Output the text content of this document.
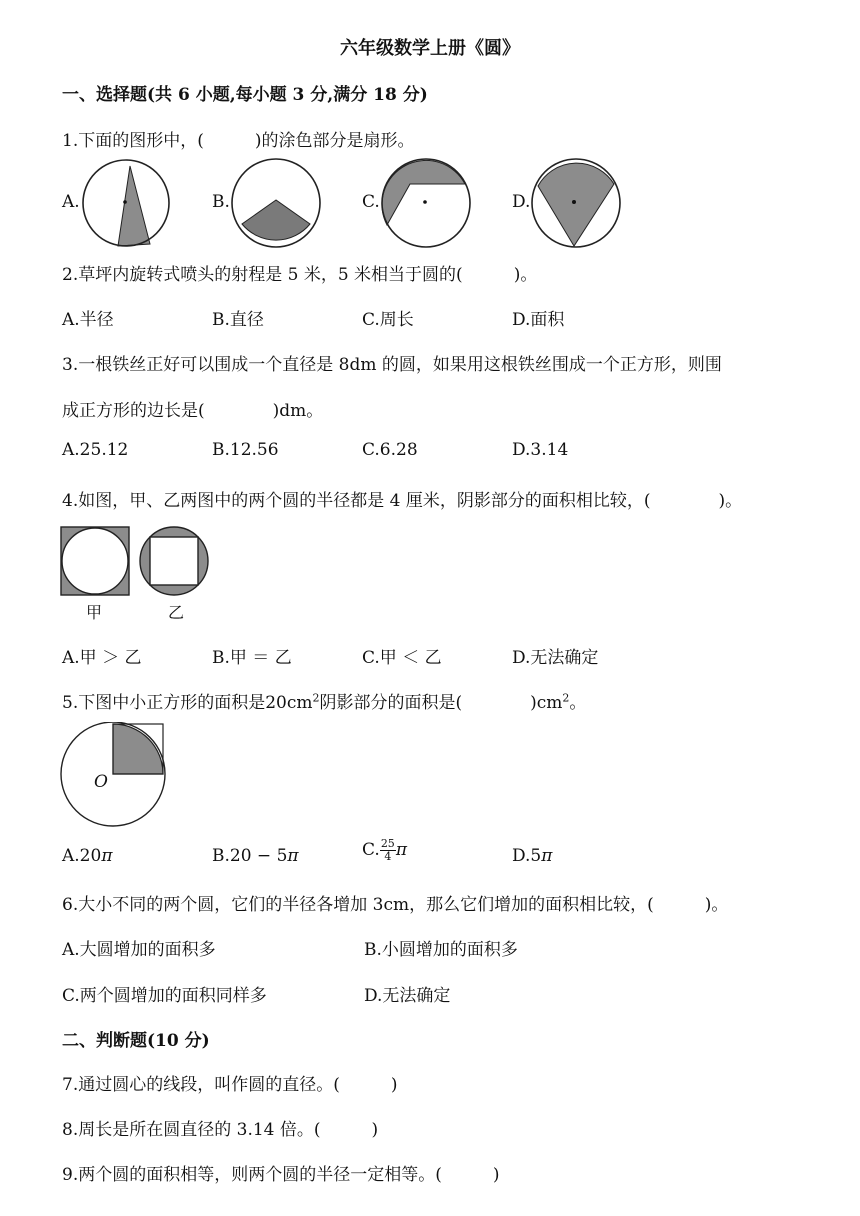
六年级数学上册《圆》
一、选择题(共 6 小题,每小题 3 分,满分 18 分)
1.下面的图形中，(　　　)的涂色部分是扇形。
A.	B.	C.	D.
2.草坪内旋转式喷头的射程是 5 米，5 米相当于圆的(　　　)。
A.半径	B.直径	C.周长	D.面积
3.一根铁丝正好可以围成一个直径是 8dm 的圆，如果用这根铁丝围成一个正方形，则围
成正方形的边长是(　　　　)dm。
A.25.12	B.12.56	C.6.28	D.3.14
4.如图，甲、乙两图中的两个圆的半径都是 4 厘米，阴影部分的面积相比较，(　　　　)。
甲	乙
A.甲 ＞ 乙	B.甲 ＝ 乙	C.甲 ＜ 乙	D.无法确定
5.下图中小正方形的面积是$20cm^2$阴影部分的面积是(　　　　)$cm^2$。
O
A.20π	B.20 − 5π	C. $\frac{25}{4}$ π	D.5π
6.大小不同的两个圆，它们的半径各增加 3cm，那么它们增加的面积相比较，(　　　)。
A.大圆增加的面积多	B.小圆增加的面积多
C.两个圆增加的面积同样多	D.无法确定
二、判断题(10 分)
7.通过圆心的线段，叫作圆的直径。(　　　)
8.周长是所在圆直径的 3.14 倍。(　　　)
9.两个圆的面积相等，则两个圆的半径一定相等。(　　　)
